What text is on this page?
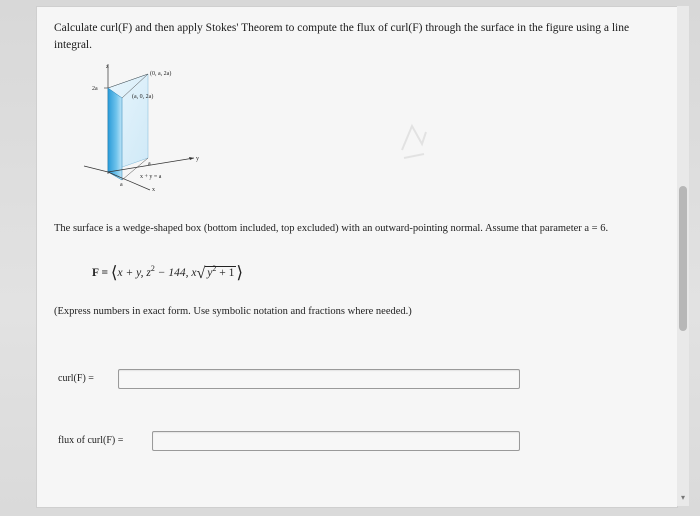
▾
Calculate curl(F) and then apply Stokes' Theorem to compute the flux of curl(F) through the surface in the figure using a line integral.
z
2a
y
x
(0, a, 2a)
(a, 0, 2a)
a
a
x + y = a
The surface is a wedge-shaped box (bottom included, top excluded) with an outward-pointing normal. Assume that parameter a = 6.
F = ⟨x + y, $z^2 - 144$, x√ $y^2 + 1$ ⟩
(Express numbers in exact form. Use symbolic notation and fractions where needed.)
curl(F) =
flux of curl(F) =
